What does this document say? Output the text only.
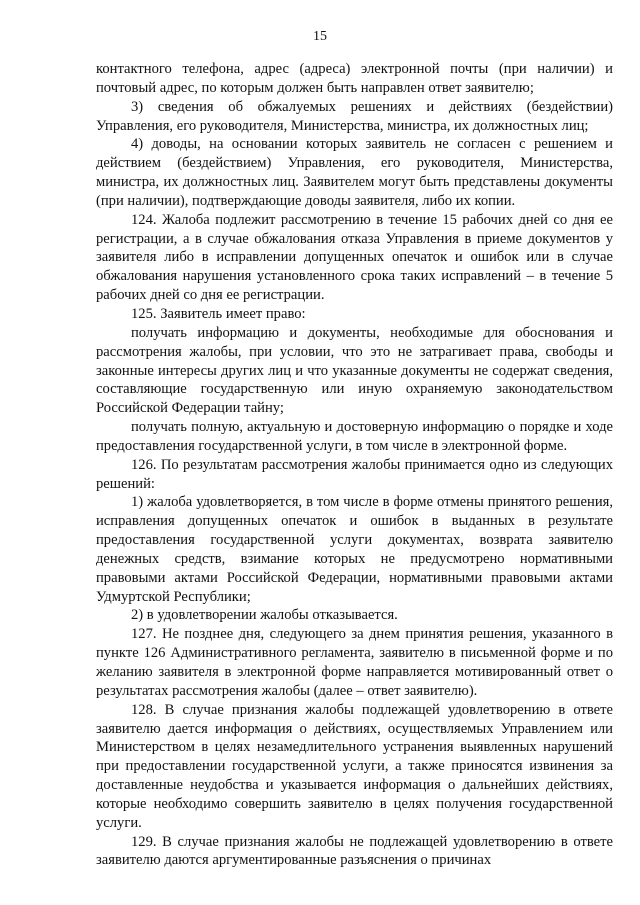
15

контактного телефона, адрес (адреса) электронной почты (при наличии) и почтовый адрес, по которым должен быть направлен ответ заявителю;

3) сведения об обжалуемых решениях и действиях (бездействии) Управления, его руководителя, Министерства, министра, их должностных лиц;

4) доводы, на основании которых заявитель не согласен с решением и действием (бездействием) Управления, его руководителя, Министерства, министра, их должностных лиц. Заявителем могут быть представлены документы (при наличии), подтверждающие доводы заявителя, либо их копии.

124. Жалоба подлежит рассмотрению в течение 15 рабочих дней со дня ее регистрации, а в случае обжалования отказа Управления в приеме документов у заявителя либо в исправлении допущенных опечаток и ошибок или в случае обжалования нарушения установленного срока таких исправлений – в течение 5 рабочих дней со дня ее регистрации.

125. Заявитель имеет право:

получать информацию и документы, необходимые для обоснования и рассмотрения жалобы, при условии, что это не затрагивает права, свободы и законные интересы других лиц и что указанные документы не содержат сведения, составляющие государственную или иную охраняемую законодательством Российской Федерации тайну;

получать полную, актуальную и достоверную информацию о порядке и ходе предоставления государственной услуги, в том числе в электронной форме.

126. По результатам рассмотрения жалобы принимается одно из следующих решений:

1) жалоба удовлетворяется, в том числе в форме отмены принятого решения, исправления допущенных опечаток и ошибок в выданных в результате предоставления государственной услуги документах, возврата заявителю денежных средств, взимание которых не предусмотрено нормативными правовыми актами Российской Федерации, нормативными правовыми актами Удмуртской Республики;

2) в удовлетворении жалобы отказывается.

127. Не позднее дня, следующего за днем принятия решения, указанного в пункте 126 Административного регламента, заявителю в письменной форме и по желанию заявителя в электронной форме направляется мотивированный ответ о результатах рассмотрения жалобы (далее – ответ заявителю).

128. В случае признания жалобы подлежащей удовлетворению в ответе заявителю дается информация о действиях, осуществляемых Управлением или Министерством в целях незамедлительного устранения выявленных нарушений при предоставлении государственной услуги, а также приносятся извинения за доставленные неудобства и указывается информация о дальнейших действиях, которые необходимо совершить заявителю в целях получения государственной услуги.

129. В случае признания жалобы не подлежащей удовлетворению в ответе заявителю даются аргументированные разъяснения о причинах
